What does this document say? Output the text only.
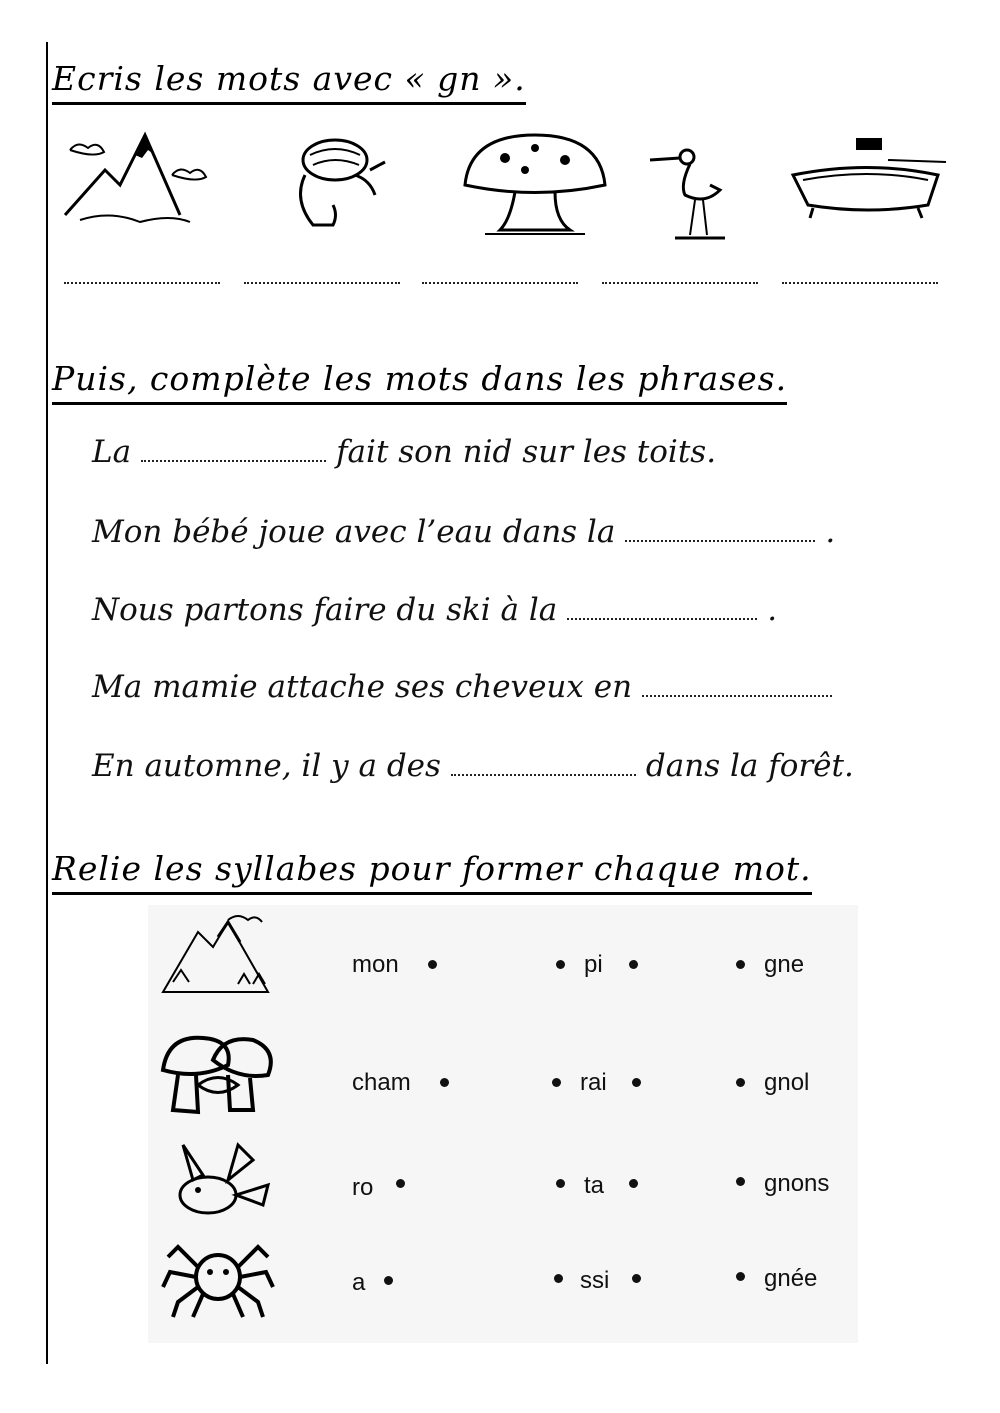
Ecris les mots avec « gn ».
Puis, complète les mots dans les phrases.
La	fait son nid sur les toits.
Mon bébé joue avec l’eau dans la	.
Nous partons faire du ski à la	.
Ma mamie attache ses cheveux en
En automne, il y a des	dans la forêt.
Relie les syllabes pour former chaque mot.
mon	pi	gne
cham	rai	gnol
ro	ta	gnons
a	ssi	gnée
